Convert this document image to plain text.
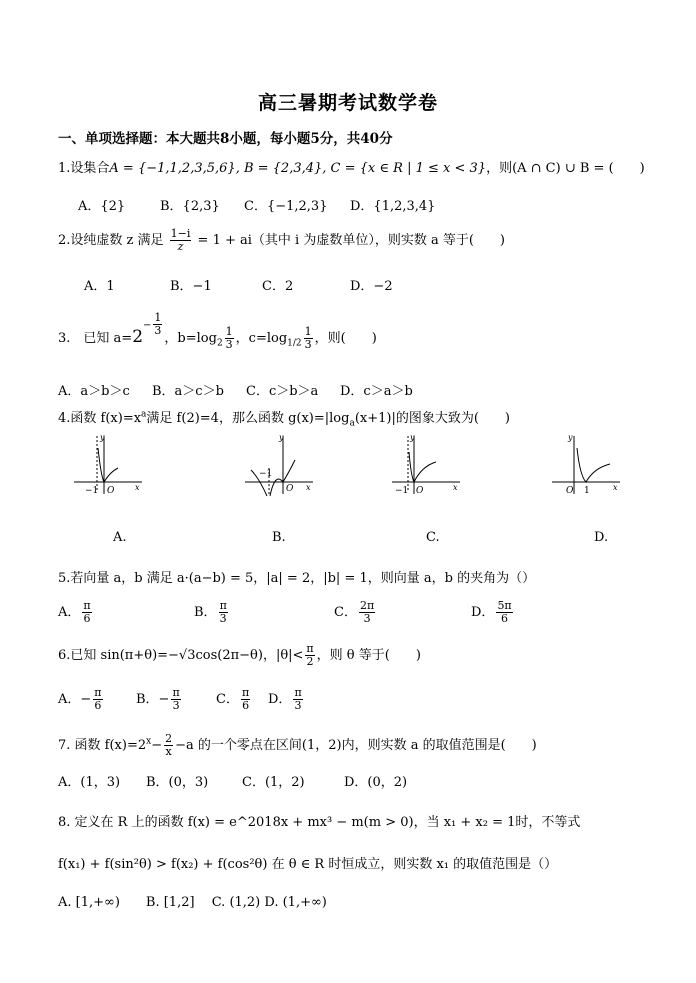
高三暑期考试数学卷
一、单项选择题：本大题共8小题，每小题5分，共40分
1.设集合A = {−1,1,2,3,5,6}, B = {2,3,4}, C = {x ∈ R | 1 ≤ x < 3}，则(A ∩ C) ∪ B = (　　)
A．{2}	B．{2,3} C．{−1,2,3} D．{1,2,3,4}
2.设纯虚数 z 满足 $\frac{1-i}{z} = 1 + ai$（其中 i 为虚数单位），则实数 a 等于(　　)
A．1	B．−1	C．2	D．−2
3.　已知 $a=2^- \frac{1}{3}$
，$b=\log_2 \frac{1}{3}$ ，$c=\log_{1/2} \frac{1}{3}$ ，则(　　)
A．a＞b＞c B．a＞c＞b C．c＞b＞a D．c＞a＞b
4.函数 $f(x)=x^a$满足 f(2)=4，那么函数 $g(x)=|\log_a(x+1)|$的图象大致为(　　)
y
x
−1 O
A.
y
x
−1
O
B.
y
x
−1 O
C.
y
x
O 1
D.
5.若向量 a，b 满足 a·(a−b) = 5，|a| = 2，|b| = 1，则向量 a，b 的夹角为（）
A． $\frac{\pi}{6}$	B． $\frac{\pi}{3}$	C． $\frac{2\pi}{3}$	D． $\frac{5\pi}{6}$
6.已知 sin(π+θ)=−√3cos(2π−θ)，$|\theta|< \frac{\pi}{2}$ ，则 θ 等于(　　)
A．− $\frac{\pi}{6}$	B．− $\frac{\pi}{3}$	C． $\frac{\pi}{6}$ D． $\frac{\pi}{3}$
7. 函数 $f(x)=2^x- \frac{2}{x} -a$ 的一个零点在区间(1，2)内，则实数 a 的取值范围是(　　)
A．(1，3) B．(0，3)	C．(1，2)	D．(0，2)
8. 定义在 R 上的函数 f(x) = e^2018x + mx³ − m(m > 0)，当 x₁ + x₂ = 1时，不等式
f(x₁) + f(sin²θ) > f(x₂) + f(cos²θ) 在 θ ∈ R 时恒成立，则实数 x₁ 的取值范围是（）
A. [1,+∞)　　B. [1,2]　 C. (1,2) D. (1,+∞)
